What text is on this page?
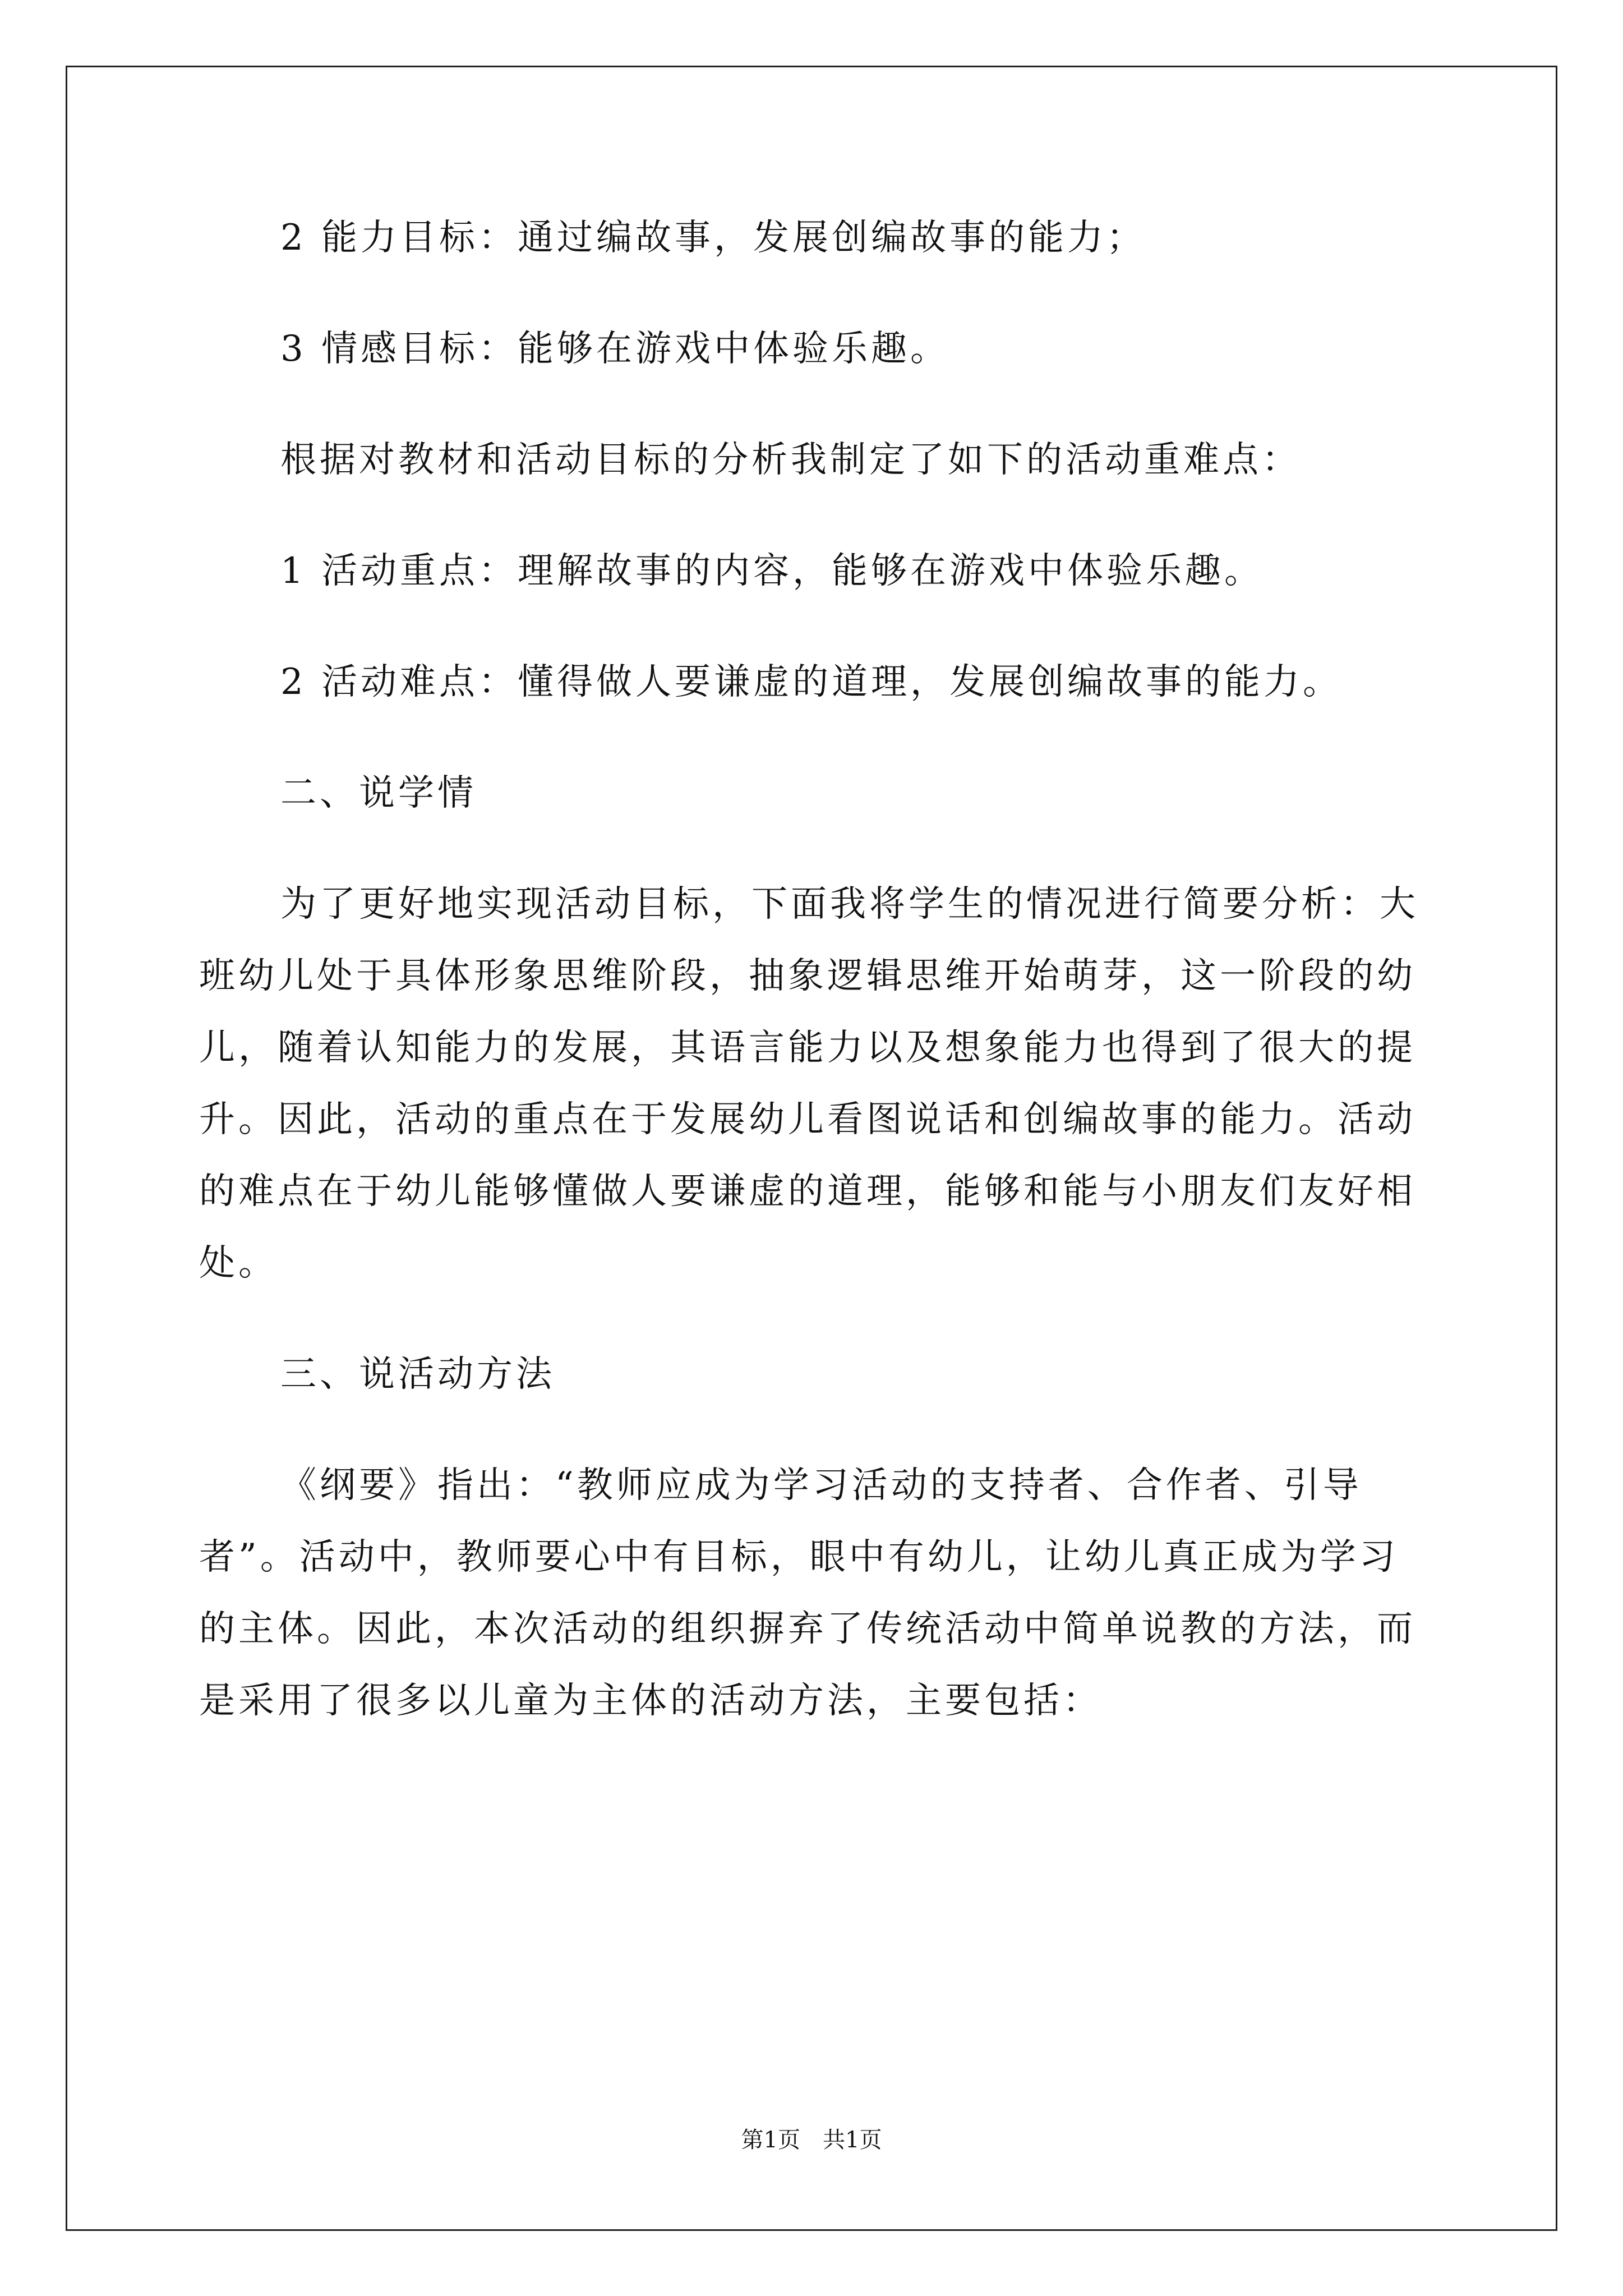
2 能力目标：通过编故事，发展创编故事的能力；

3 情感目标：能够在游戏中体验乐趣。

根据对教材和活动目标的分析我制定了如下的活动重难点：

1 活动重点：理解故事的内容，能够在游戏中体验乐趣。

2 活动难点：懂得做人要谦虚的道理，发展创编故事的能力。

二、说学情

为了更好地实现活动目标，下面我将学生的情况进行简要分析：大班幼儿处于具体形象思维阶段，抽象逻辑思维开始萌芽，这一阶段的幼儿，随着认知能力的发展，其语言能力以及想象能力也得到了很大的提升。因此，活动的重点在于发展幼儿看图说话和创编故事的能力。活动的难点在于幼儿能够懂做人要谦虚的道理，能够和能与小朋友们友好相处。

三、说活动方法

《纲要》指出：“教师应成为学习活动的支持者、合作者、引导者”。活动中，教师要心中有目标，眼中有幼儿，让幼儿真正成为学习的主体。因此，本次活动的组织摒弃了传统活动中简单说教的方法，而是采用了很多以儿童为主体的活动方法，主要包括：

第1页　共1页
